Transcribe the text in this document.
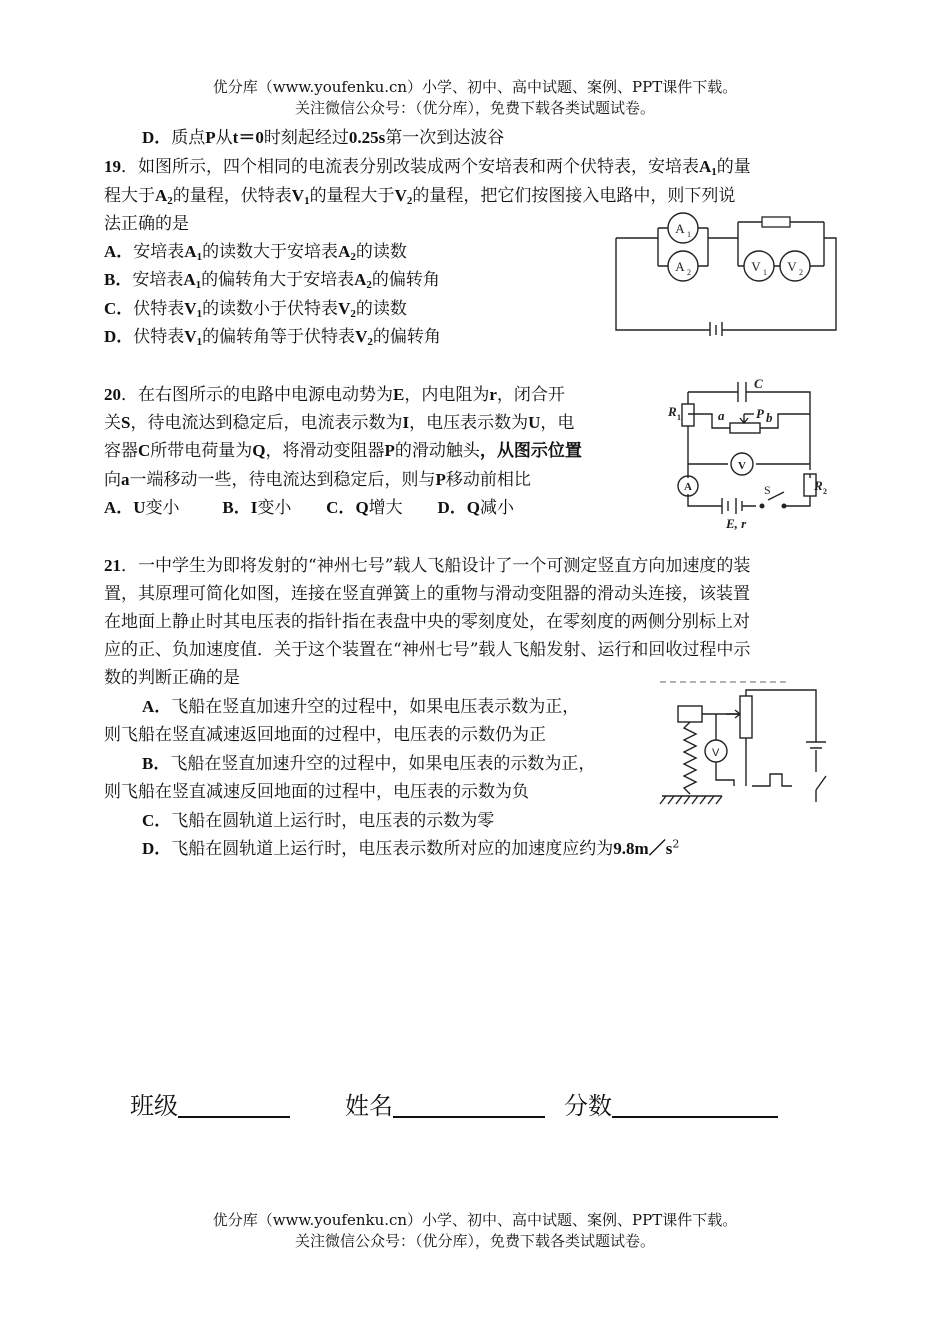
优分库（www.youfenku.cn）小学、初中、高中试题、案例、PPT课件下载。
关注微信公众号：（优分库），免费下载各类试题试卷。
D．质点P从t＝0时刻起经过0.25s第一次到达波谷
19．如图所示，四个相同的电流表分别改装成两个安培表和两个伏特表，安培表$A_1$的量
程大于$A_2$的量程，伏特表$V_1$的量程大于$V_2$的量程，把它们按图接入电路中，则下列说
法正确的是
A．安培表$A_1$的读数大于安培表$A_2$的读数
B．安培表$A_1$的偏转角大于安培表$A_2$的偏转角
C．伏特表$V_1$的读数小于伏特表$V_2$的读数
D．伏特表$V_1$的偏转角等于伏特表$V_2$的偏转角
A 1
A 2	V 1 V 2
20．在右图所示的电路中电源电动势为E，内电阻为r，闭合开
关S，待电流达到稳定后，电流表示数为I，电压表示数为U，电
容器C所带电荷量为Q，将滑动变阻器P的滑动触头，从图示位置
向a一端移动一些，待电流达到稳定后，则与P移动前相比
A．U变小	B．I变小 C．Q增大 D．Q减小
C
R 1	a P b
V
A	S	R 2
E, r
21．一中学生为即将发射的“神州七号”载人飞船设计了一个可测定竖直方向加速度的装
置，其原理可简化如图，连接在竖直弹簧上的重物与滑动变阻器的滑动头连接，该装置
在地面上静止时其电压表的指针指在表盘中央的零刻度处，在零刻度的两侧分别标上对
应的正、负加速度值．关于这个装置在“神州七号”载人飞船发射、运行和回收过程中示
数的判断正确的是
A．飞船在竖直加速升空的过程中，如果电压表示数为正，
则飞船在竖直减速返回地面的过程中，电压表的示数仍为正
B．飞船在竖直加速升空的过程中，如果电压表的示数为正，
则飞船在竖直减速反回地面的过程中，电压表的示数为负
C．飞船在圆轨道上运行时，电压表的示数为零
D．飞船在圆轨道上运行时，电压表示数所对应的加速度应约为$9.8m/s^2$
V
班级	姓名	分数
优分库（www.youfenku.cn）小学、初中、高中试题、案例、PPT课件下载。
关注微信公众号：（优分库），免费下载各类试题试卷。
